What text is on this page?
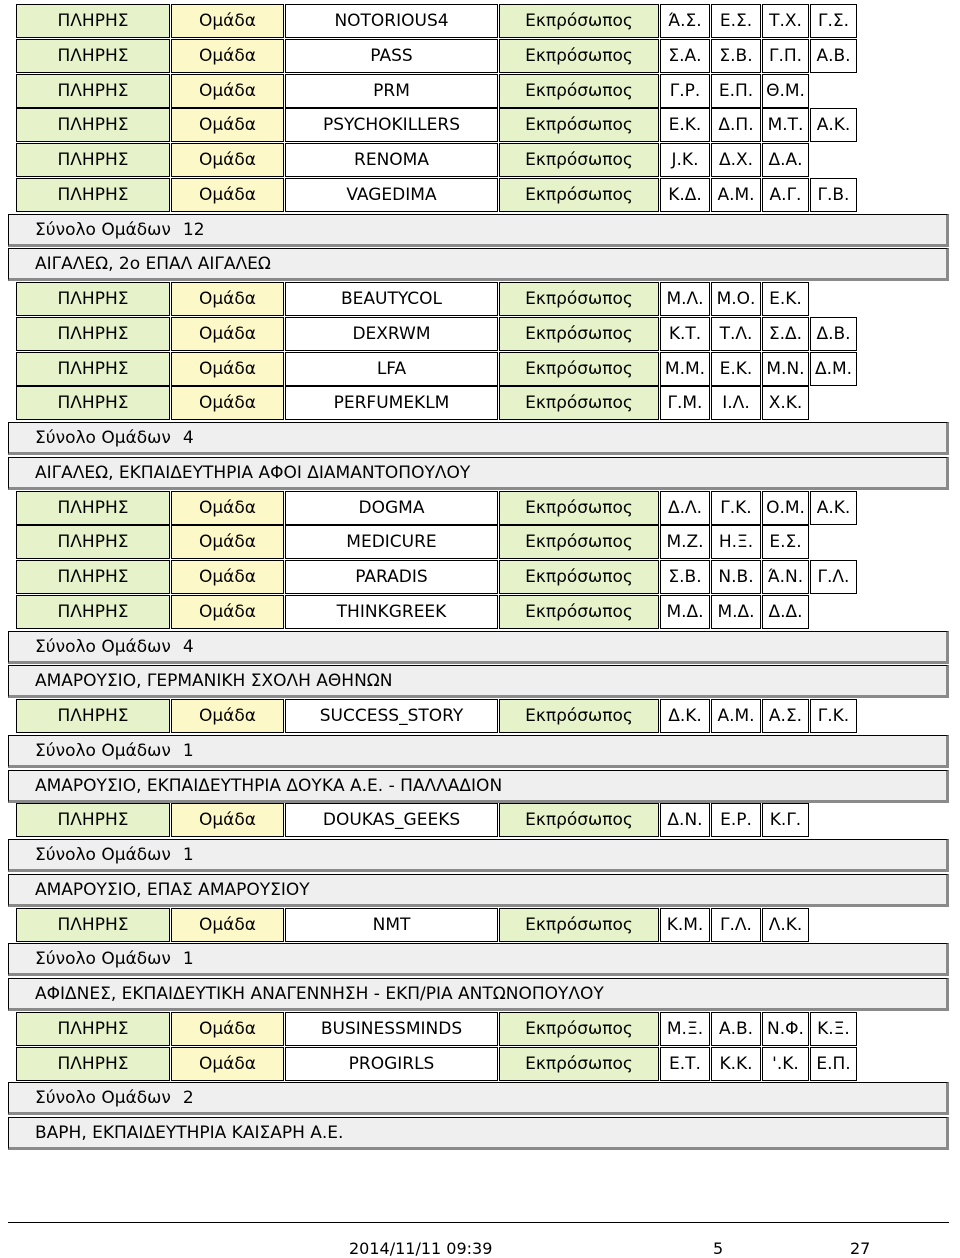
ΠΛΗΡΗΣ	Ομάδα	NOTORIOUS4	Εκπρόσωπος	Ά.Σ.	Ε.Σ. Τ.Χ. Γ.Σ.
ΠΛΗΡΗΣ	Ομάδα	PASS	Εκπρόσωπος	Σ.Α.	Σ.Β. Γ.Π. Α.Β.
ΠΛΗΡΗΣ	Ομάδα	PRM	Εκπρόσωπος	Γ.Ρ.	Ε.Π. Θ.Μ.
ΠΛΗΡΗΣ	Ομάδα	PSYCHOKILLERS	Εκπρόσωπος	Ε.Κ.	Δ.Π. Μ.Τ. Α.Κ.
ΠΛΗΡΗΣ	Ομάδα	RENOMA	Εκπρόσωπος	J.Κ.	Δ.Χ. Δ.Α.
ΠΛΗΡΗΣ	Ομάδα	VAGEDIMA	Εκπρόσωπος	Κ.Δ. Α.Μ. Α.Γ. Γ.Β.
Σύνολο Ομάδων 12
ΑΙΓΑΛΕΩ, 2ο ΕΠΑΛ ΑΙΓΑΛΕΩ
ΠΛΗΡΗΣ	Ομάδα	BEAUTYCOL	Εκπρόσωπος	Μ.Λ. Μ.Ο. Ε.Κ.
ΠΛΗΡΗΣ	Ομάδα	DEXRWM	Εκπρόσωπος	Κ.Τ.	Τ.Λ. Σ.Δ. Δ.Β.
ΠΛΗΡΗΣ	Ομάδα	LFA	Εκπρόσωπος	Μ.Μ. Ε.Κ. Μ.Ν. Δ.Μ.
ΠΛΗΡΗΣ	Ομάδα	PERFUMEKLM	Εκπρόσωπος	Γ.Μ.	Ι.Λ.	Χ.Κ.
Σύνολο Ομάδων 4
ΑΙΓΑΛΕΩ, ΕΚΠΑΙΔΕΥΤΗΡΙΑ ΑΦΟΙ ΔΙΑΜΑΝΤΟΠΟΥΛΟΥ
ΠΛΗΡΗΣ	Ομάδα	DOGMA	Εκπρόσωπος	Δ.Λ.	Γ.Κ. Ο.Μ. Α.Κ.
ΠΛΗΡΗΣ	Ομάδα	MEDICURE	Εκπρόσωπος	Μ.Ζ. Η.Ξ. Ε.Σ.
ΠΛΗΡΗΣ	Ομάδα	PARADIS	Εκπρόσωπος	Σ.Β. Ν.Β. Ά.Ν. Γ.Λ.
ΠΛΗΡΗΣ	Ομάδα	THINKGREEK	Εκπρόσωπος	Μ.Δ. Μ.Δ. Δ.Δ.
Σύνολο Ομάδων 4
ΑΜΑΡΟΥΣΙΟ, ΓΕΡΜΑΝΙΚΗ ΣΧΟΛΗ ΑΘΗΝΩΝ
ΠΛΗΡΗΣ	Ομάδα	SUCCESS_STORY	Εκπρόσωπος	Δ.Κ. Α.Μ. Α.Σ. Γ.Κ.
Σύνολο Ομάδων 1
ΑΜΑΡΟΥΣΙΟ, ΕΚΠΑΙΔΕΥΤΗΡΙΑ ΔΟΥΚΑ Α.Ε. - ΠΑΛΛΑΔΙΟΝ
ΠΛΗΡΗΣ	Ομάδα	DOUKAS_GEEKS	Εκπρόσωπος	Δ.Ν.	Ε.Ρ.	Κ.Γ.
Σύνολο Ομάδων 1
ΑΜΑΡΟΥΣΙΟ, ΕΠΑΣ ΑΜΑΡΟΥΣΙΟΥ
ΠΛΗΡΗΣ	Ομάδα	NMT	Εκπρόσωπος	Κ.Μ. Γ.Λ. Λ.Κ.
Σύνολο Ομάδων 1
ΑΦΙΔΝΕΣ, ΕΚΠΑΙΔΕΥΤΙΚΗ ΑΝΑΓΕΝΝΗΣΗ - ΕΚΠ/ΡΙΑ ΑΝΤΩΝΟΠΟΥΛΟΥ
ΠΛΗΡΗΣ	Ομάδα	BUSINESSMINDS	Εκπρόσωπος	Μ.Ξ. Α.Β. Ν.Φ. Κ.Ξ.
ΠΛΗΡΗΣ	Ομάδα	PROGIRLS	Εκπρόσωπος	Ε.Τ.	Κ.Κ.	'.Κ.	Ε.Π.
Σύνολο Ομάδων 2
ΒΑΡΗ, ΕΚΠΑΙΔΕΥΤΗΡΙΑ ΚΑΙΣΑΡΗ Α.Ε.
2014/11/11 09:39	5	27
